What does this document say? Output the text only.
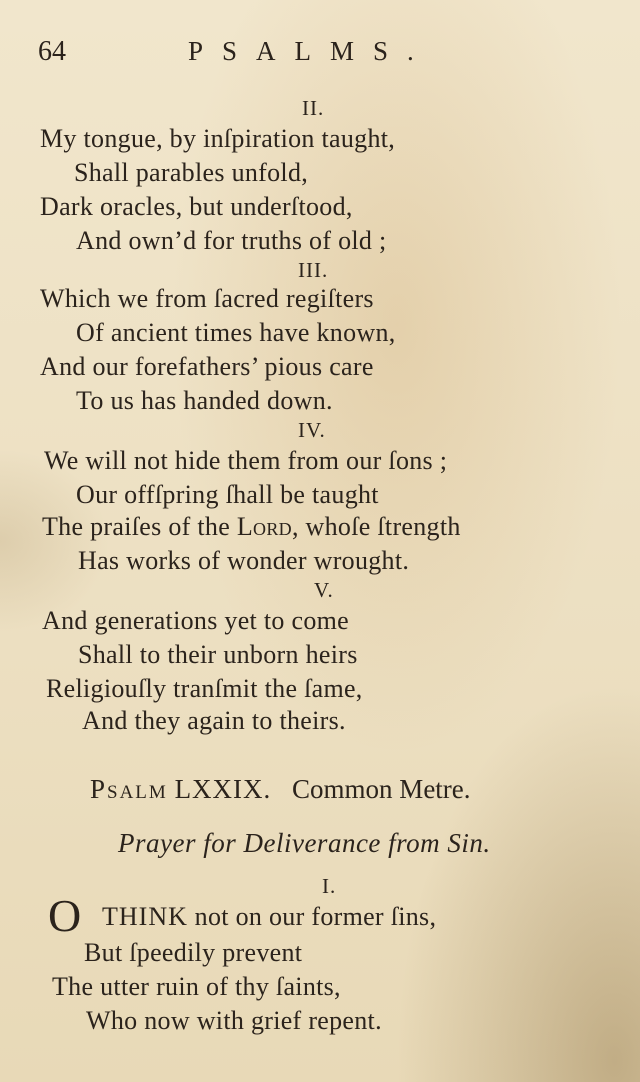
64	PSALMS.
II.
My tongue, by inſpiration taught,
Shall parables unfold,
Dark oracles, but underſtood,
And own’d for truths of old ;
III.
Which we from ſacred regiſters
Of ancient times have known,
And our forefathers’ pious care
To us has handed down.
IV.
We will not hide them from our ſons ;
Our offſpring ſhall be taught
The praiſes of the Lord, whoſe ſtrength
Has works of wonder wrought.
V.
And generations yet to come
Shall to their unborn heirs
Religiouſly tranſmit the ſame,
And they again to theirs.
Psalm LXXIX. Common Metre.
Prayer for Deliverance from Sin.
I.
O THINK not on our former ſins,
But ſpeedily prevent
The utter ruin of thy ſaints,
Who now with grief repent.
